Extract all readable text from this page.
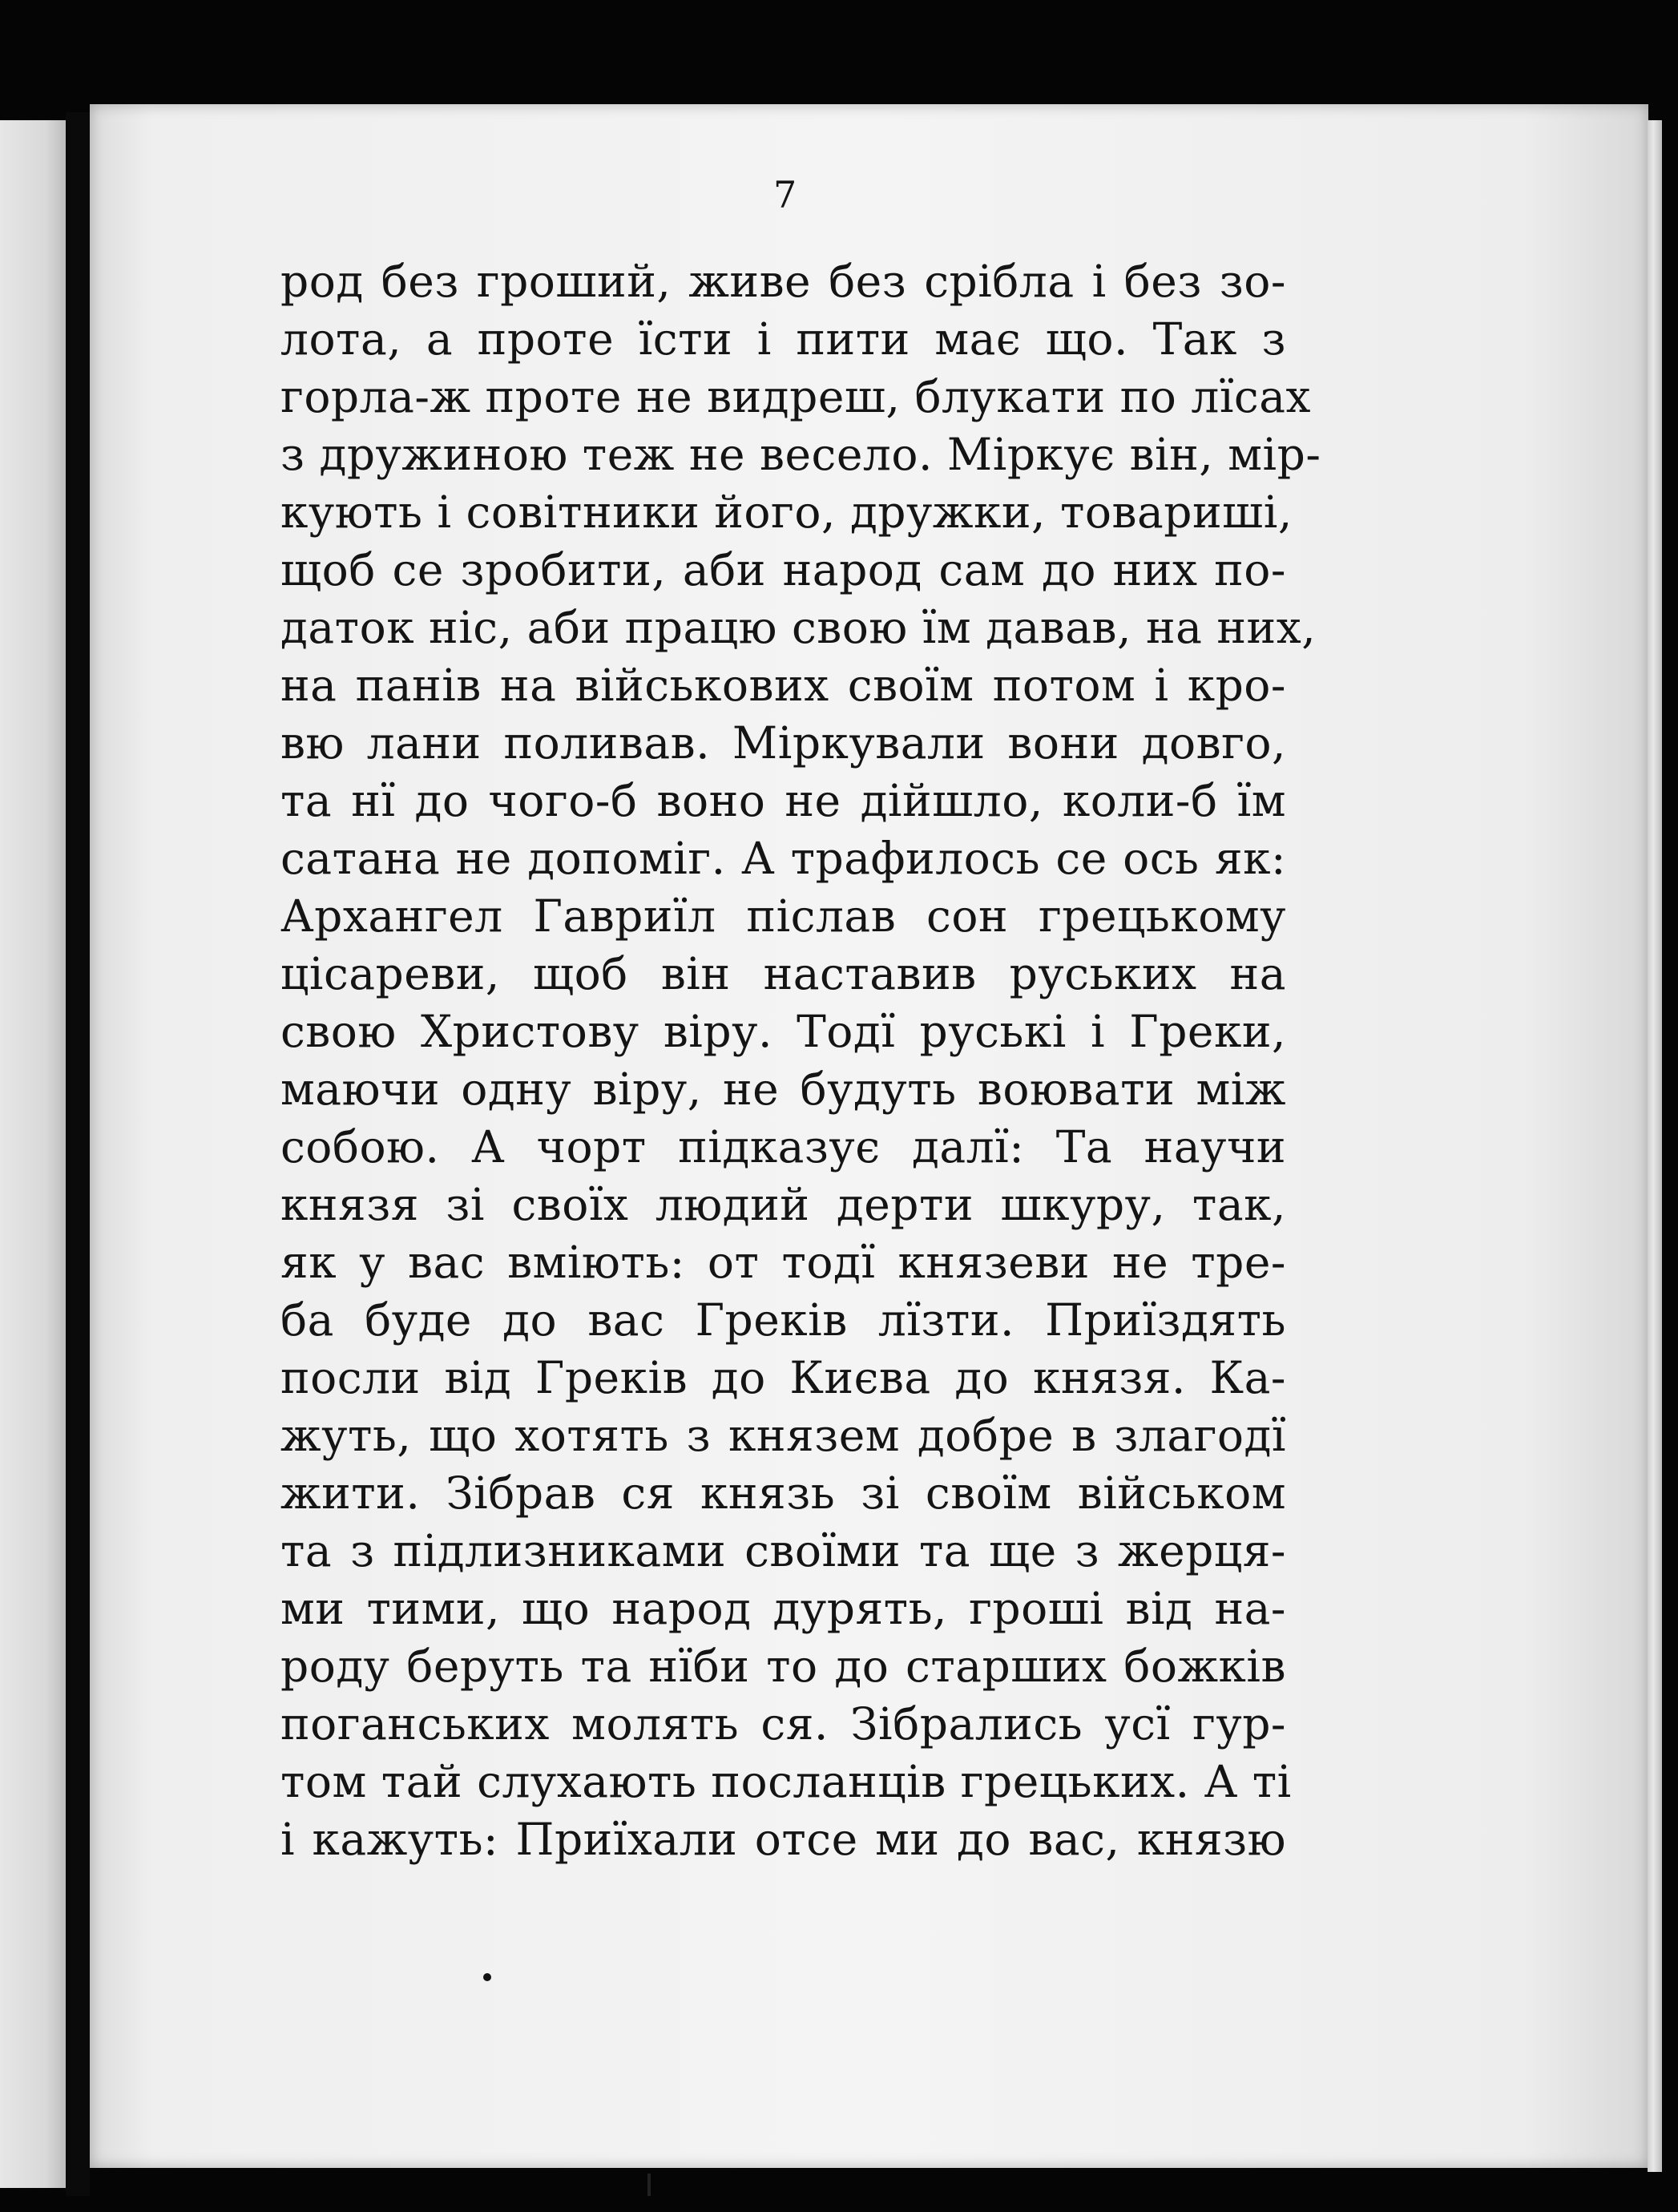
7
род без гроший, живе без срібла і без зо-
лота, а проте їсти і пити має що. Так з
горла-ж проте не видреш, блукати по лїсах
з дружиною теж не весело. Міркує він, мір-
кують і совітники його, дружки, товариші,
щоб се зробити, аби народ сам до них по-
даток ніс, аби працю свою їм давав, на них,
на панів на військових своїм потом і кро-
вю лани поливав. Міркували вони довго,
та нї до чого-б воно не дійшло, коли-б їм
сатана не допоміг. А трафилось се ось як:
Архангел Гавриїл післав сон грецькому
цісареви, щоб він наставив руських на
свою Христову віру. Тодї руські і Греки,
маючи одну віру, не будуть воювати між
собою. А чорт підказує далї: Та научи
князя зі своїх людий дерти шкуру, так,
як у вас вміють: от тодї князеви не тре-
ба буде до вас Греків лїзти. Приїздять
посли від Греків до Києва до князя. Ка-
жуть, що хотять з князем добре в злагодї
жити. Зібрав ся князь зі своїм військом
та з підлизниками своїми та ще з жерця-
ми тими, що народ дурять, гроші від на-
роду беруть та нїби то до старших божків
поганських молять ся. Зібрались усї гур-
том тай слухають посланців грецьких. А ті
і кажуть: Приїхали отсе ми до вас, князю
